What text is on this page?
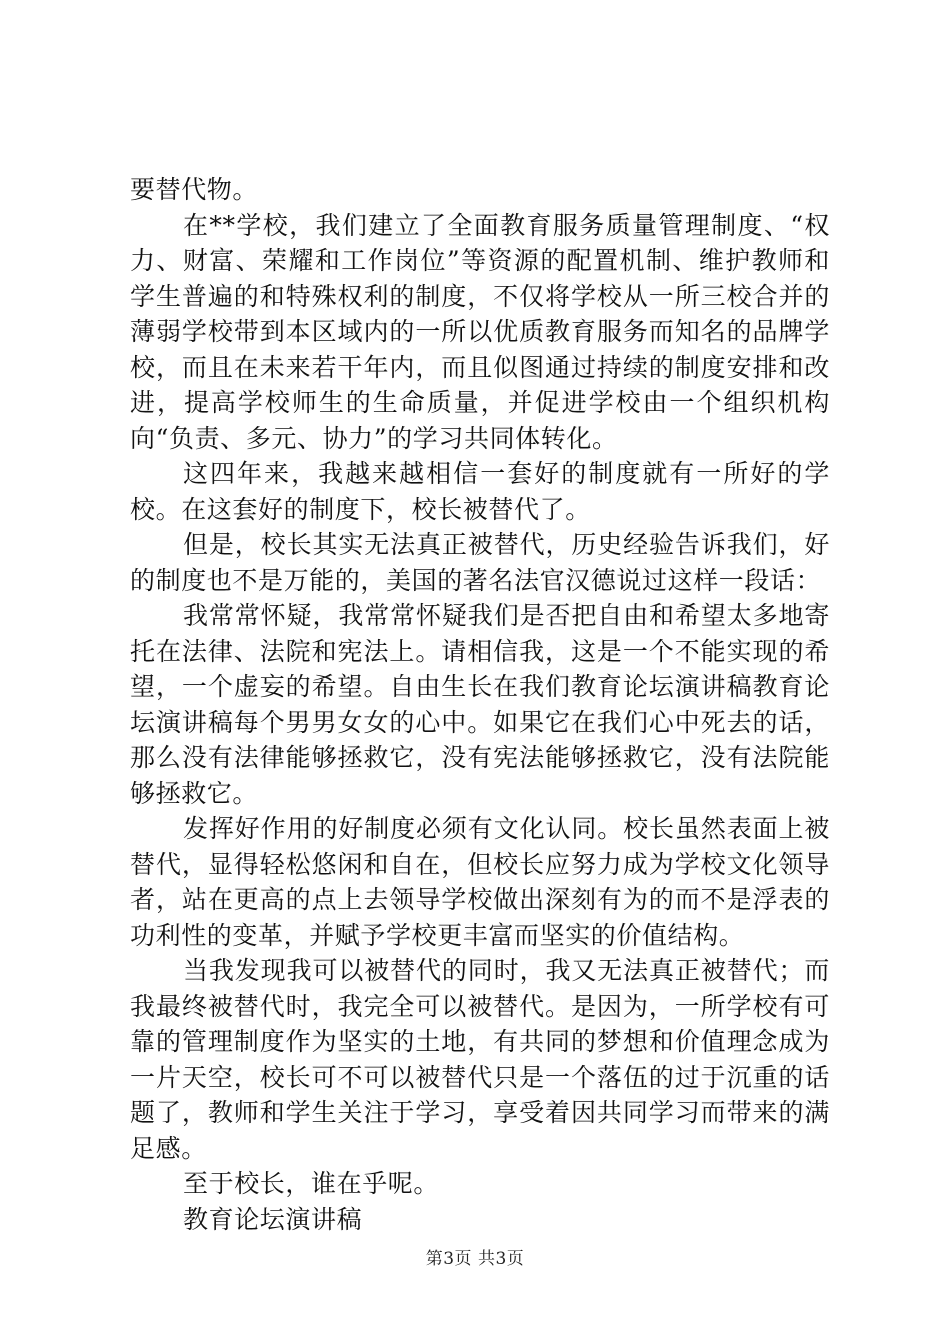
要替代物。

在**学校，我们建立了全面教育服务质量管理制度、“权力、财富、荣耀和工作岗位”等资源的配置机制、维护教师和学生普遍的和特殊权利的制度，不仅将学校从一所三校合并的薄弱学校带到本区域内的一所以优质教育服务而知名的品牌学校，而且在未来若干年内，而且似图通过持续的制度安排和改进，提高学校师生的生命质量，并促进学校由一个组织机构向“负责、多元、协力”的学习共同体转化。

这四年来，我越来越相信一套好的制度就有一所好的学校。在这套好的制度下，校长被替代了。

但是，校长其实无法真正被替代，历史经验告诉我们，好的制度也不是万能的，美国的著名法官汉德说过这样一段话：

我常常怀疑，我常常怀疑我们是否把自由和希望太多地寄托在法律、法院和宪法上。请相信我，这是一个不能实现的希望，一个虚妄的希望。自由生长在我们教育论坛演讲稿教育论坛演讲稿每个男男女女的心中。如果它在我们心中死去的话，那么没有法律能够拯救它，没有宪法能够拯救它，没有法院能够拯救它。

发挥好作用的好制度必须有文化认同。校长虽然表面上被替代，显得轻松悠闲和自在，但校长应努力成为学校文化领导者，站在更高的点上去领导学校做出深刻有为的而不是浮表的功利性的变革，并赋予学校更丰富而坚实的价值结构。

当我发现我可以被替代的同时，我又无法真正被替代；而我最终被替代时，我完全可以被替代。是因为，一所学校有可靠的管理制度作为坚实的土地，有共同的梦想和价值理念成为一片天空，校长可不可以被替代只是一个落伍的过于沉重的话题了，教师和学生关注于学习，享受着因共同学习而带来的满足感。

至于校长，谁在乎呢。

教育论坛演讲稿

第3页 共3页
